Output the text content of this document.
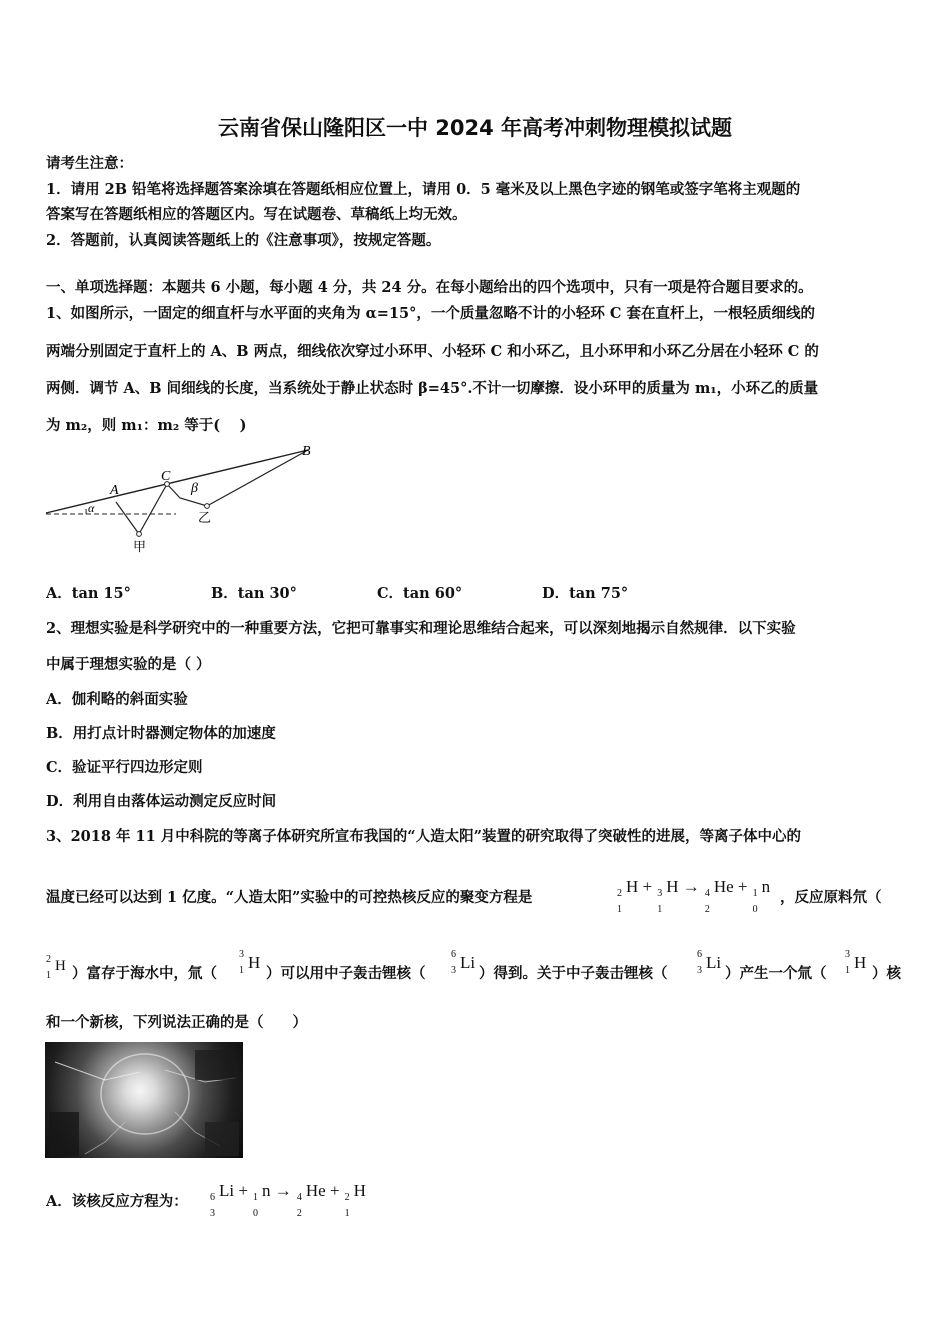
云南省保山隆阳区一中 2024 年高考冲刺物理模拟试题
请考生注意：
1．请用 2B 铅笔将选择题答案涂填在答题纸相应位置上，请用 0．5 毫米及以上黑色字迹的钢笔或签字笔将主观题的
答案写在答题纸相应的答题区内。写在试题卷、草稿纸上均无效。
2．答题前，认真阅读答题纸上的《注意事项》，按规定答题。
一、单项选择题：本题共 6 小题，每小题 4 分，共 24 分。在每小题给出的四个选项中，只有一项是符合题目要求的。
1、如图所示，一固定的细直杆与水平面的夹角为 α=15°，一个质量忽略不计的小轻环 C 套在直杆上，一根轻质细线的
两端分别固定于直杆上的 A、B 两点，细线依次穿过小环甲、小轻环 C 和小环乙，且小环甲和小环乙分居在小轻环 C 的
两侧．调节 A、B 间细线的长度，当系统处于静止状态时 β=45°.不计一切摩擦．设小环甲的质量为 m₁，小环乙的质量
为 m₂，则 m₁：m₂ 等于(　 )
A
B
C
β
α
甲
乙
A．tan 15°	B．tan 30°	C．tan 60°	D．tan 75°
2、理想实验是科学研究中的一种重要方法，它把可靠事实和理论思维结合起来，可以深刻地揭示自然规律．以下实验
中属于理想实验的是（ ）
A．伽利略的斜面实验
B．用打点计时器测定物体的加速度
C．验证平行四边形定则
D．利用自由落体运动测定反应时间
3、2018 年 11 月中科院的等离子体研究所宣布我国的“人造太阳”装置的研究取得了突破性的进展，等离子体中心的
温度已经可以达到 1 亿度。“人造太阳”实验中的可控热核反应的聚变方程是	2
1
H + 3
1
H → 4
2
He + 1
0
n
，反应原料氘（
2
1
H ）富存于海水中，氚（
3
1 H
）可以用中子轰击锂核（
6
3 Li
）得到。关于中子轰击锂核（
6
3 Li
）产生一个氚（
3
1 H
）核
和一个新核，下列说法正确的是（　　）
A．该核反应方程为： 6
3
Li + 1
0
n → 4
2
He + 2
1
H
